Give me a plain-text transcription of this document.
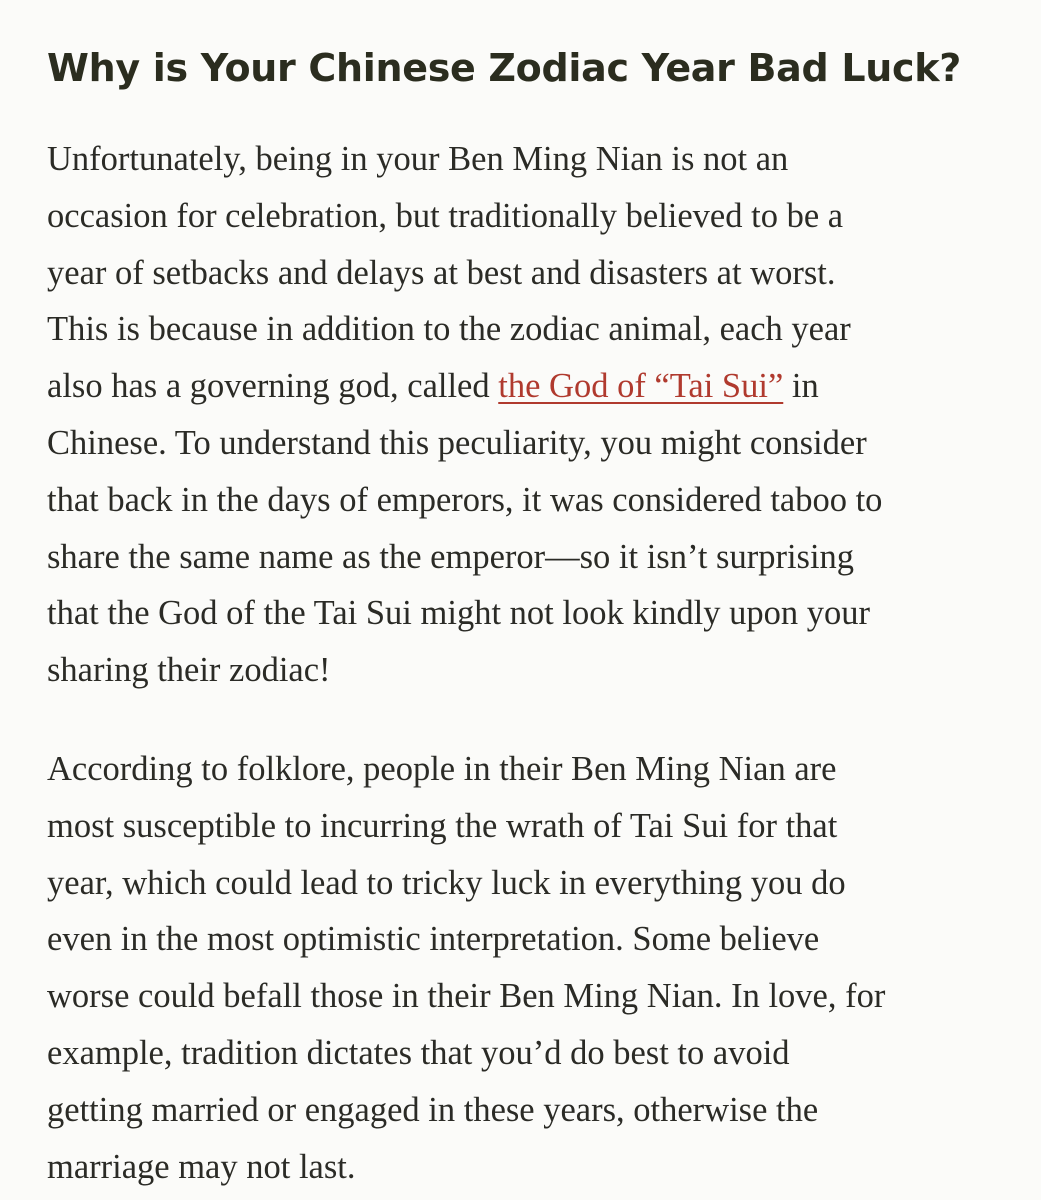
Why is Your Chinese Zodiac Year Bad Luck?

Unfortunately, being in your Ben Ming Nian is not an
occasion for celebration, but traditionally believed to be a
year of setbacks and delays at best and disasters at worst.
This is because in addition to the zodiac animal, each year
also has a governing god, called the God of “Tai Sui” in
Chinese. To understand this peculiarity, you might consider
that back in the days of emperors, it was considered taboo to
share the same name as the emperor—so it isn’t surprising
that the God of the Tai Sui might not look kindly upon your
sharing their zodiac!

According to folklore, people in their Ben Ming Nian are
most susceptible to incurring the wrath of Tai Sui for that
year, which could lead to tricky luck in everything you do
even in the most optimistic interpretation. Some believe
worse could befall those in their Ben Ming Nian. In love, for
example, tradition dictates that you’d do best to avoid
getting married or engaged in these years, otherwise the
marriage may not last.
